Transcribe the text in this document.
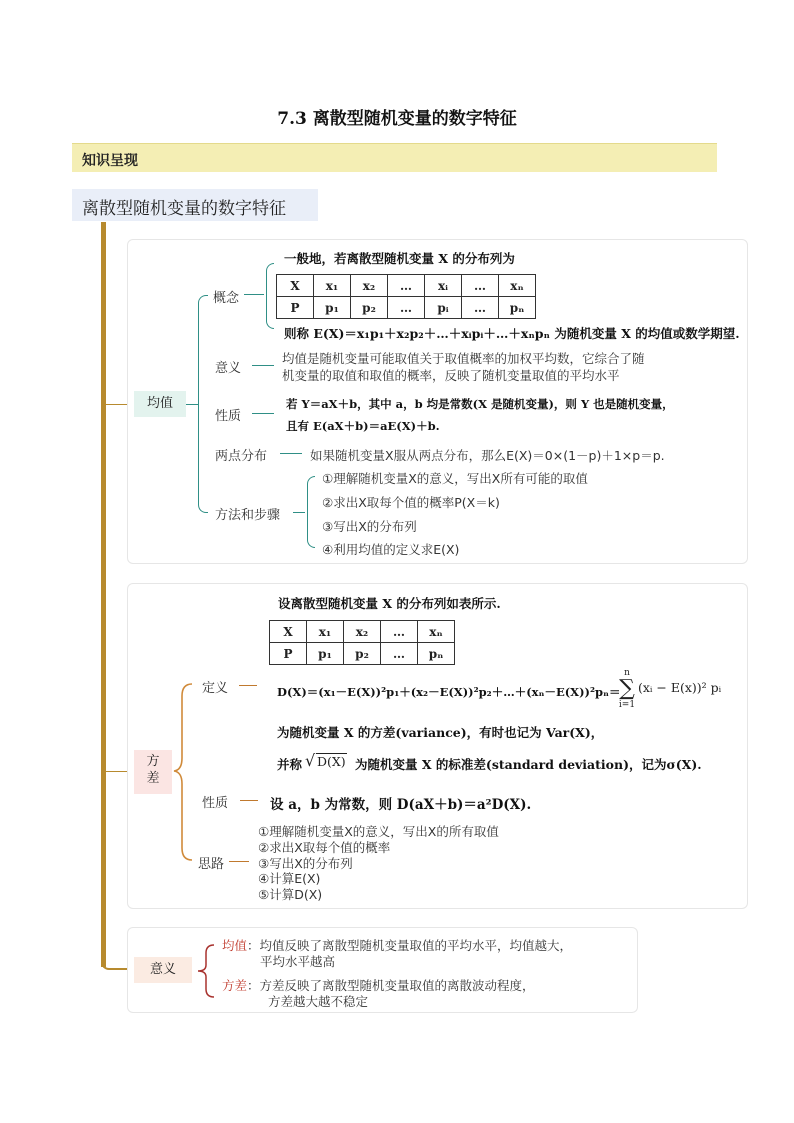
7.3 离散型随机变量的数字特征
知识呈现
离散型随机变量的数字特征
均值
概念
一般地，若离散型随机变量 X 的分布列为
X	x₁	x₂	…	xᵢ	…	xₙ
P	p₁	p₂	…	pᵢ	…	pₙ
则称 E(X)＝x₁p₁＋x₂p₂＋…＋xᵢpᵢ＋…＋xₙpₙ 为随机变量 X 的均值或数学期望.
意义
均值是随机变量可能取值关于取值概率的加权平均数，它综合了随
机变量的取值和取值的概率，反映了随机变量取值的平均水平
性质
若 Y＝aX＋b，其中 a，b 均是常数(X 是随机变量)，则 Y 也是随机变量，
且有 E(aX＋b)＝aE(X)＋b.
两点分布	如果随机变量X服从两点分布，那么E(X)＝0×(1－p)＋1×p＝p.
方法和步骤
①理解随机变量X的意义，写出X所有可能的取值
②求出X取每个值的概率P(X＝k)
③写出X的分布列
④利用均值的定义求E(X)
方差
设离散型随机变量 X 的分布列如表所示.
X	x₁	x₂	…	xₙ
P	p₁	p₂	…	pₙ
定义	D(X)＝(x₁－E(X))²p₁＋(x₂－E(X))²p₂＋…＋(xₙ－E(X))²pₙ＝
n
∑
i=1
(xᵢ − E(x))² pᵢ
为随机变量 X 的方差(variance)，有时也记为 Var(X)，
并称 √ D(X) 为随机变量 X 的标准差(standard deviation)，记为σ(X).
性质	设 a，b 为常数，则 D(aX＋b)＝a²D(X).
思路
①理解随机变量X的意义，写出X的所有取值
②求出X取每个值的概率
③写出X的分布列
④计算E(X)
⑤计算D(X)
意义
均值：均值反映了离散型随机变量取值的平均水平，均值越大，
平均水平越高
方差：方差反映了离散型随机变量取值的离散波动程度，
方差越大越不稳定
